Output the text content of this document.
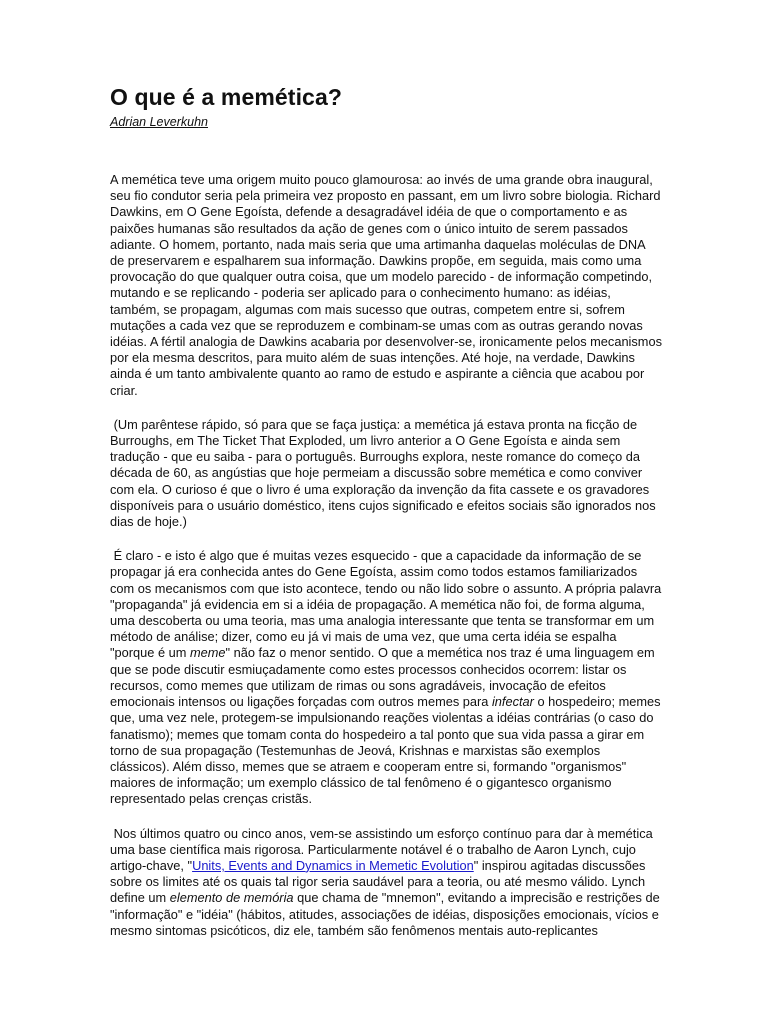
O que é a memética?
Adrian Leverkuhn

A memética teve uma origem muito pouco glamourosa: ao invés de uma grande obra inaugural, seu fio condutor seria pela primeira vez proposto en passant, em um livro sobre biologia. Richard Dawkins, em O Gene Egoísta, defende a desagradável idéia de que o comportamento e as paixões humanas são resultados da ação de genes com o único intuito de serem passados adiante. O homem, portanto, nada mais seria que uma artimanha daquelas moléculas de DNA de preservarem e espalharem sua informação. Dawkins propõe, em seguida, mais como uma provocação do que qualquer outra coisa, que um modelo parecido - de informação competindo, mutando e se replicando - poderia ser aplicado para o conhecimento humano: as idéias, também, se propagam, algumas com mais sucesso que outras, competem entre si, sofrem mutações a cada vez que se reproduzem e combinam-se umas com as outras gerando novas idéias. A fértil analogia de Dawkins acabaria por desenvolver-se, ironicamente pelos mecanismos por ela mesma descritos, para muito além de suas intenções. Até hoje, na verdade, Dawkins ainda é um tanto ambivalente quanto ao ramo de estudo e aspirante a ciência que acabou por criar.

(Um parêntese rápido, só para que se faça justiça: a memética já estava pronta na ficção de Burroughs, em The Ticket That Exploded, um livro anterior a O Gene Egoísta e ainda sem tradução - que eu saiba - para o português. Burroughs explora, neste romance do começo da década de 60, as angústias que hoje permeiam a discussão sobre memética e como conviver com ela. O curioso é que o livro é uma exploração da invenção da fita cassete e os gravadores disponíveis para o usuário doméstico, itens cujos significado e efeitos sociais são ignorados nos dias de hoje.)

É claro - e isto é algo que é muitas vezes esquecido - que a capacidade da informação de se propagar já era conhecida antes do Gene Egoísta, assim como todos estamos familiarizados com os mecanismos com que isto acontece, tendo ou não lido sobre o assunto. A própria palavra "propaganda" já evidencia em si a idéia de propagação. A memética não foi, de forma alguma, uma descoberta ou uma teoria, mas uma analogia interessante que tenta se transformar em um método de análise; dizer, como eu já vi mais de uma vez, que uma certa idéia se espalha "porque é um meme" não faz o menor sentido. O que a memética nos traz é uma linguagem em que se pode discutir esmiuçadamente como estes processos conhecidos ocorrem: listar os recursos, como memes que utilizam de rimas ou sons agradáveis, invocação de efeitos emocionais intensos ou ligações forçadas com outros memes para infectar o hospedeiro; memes que, uma vez nele, protegem-se impulsionando reações violentas a idéias contrárias (o caso do fanatismo); memes que tomam conta do hospedeiro a tal ponto que sua vida passa a girar em torno de sua propagação (Testemunhas de Jeová, Krishnas e marxistas são exemplos clássicos). Além disso, memes que se atraem e cooperam entre si, formando "organismos" maiores de informação; um exemplo clássico de tal fenômeno é o gigantesco organismo representado pelas crenças cristãs.

Nos últimos quatro ou cinco anos, vem-se assistindo um esforço contínuo para dar à memética uma base científica mais rigorosa. Particularmente notável é o trabalho de Aaron Lynch, cujo artigo-chave, "Units, Events and Dynamics in Memetic Evolution" inspirou agitadas discussões sobre os limites até os quais tal rigor seria saudável para a teoria, ou até mesmo válido. Lynch define um elemento de memória que chama de "mnemon", evitando a imprecisão e restrições de "informação" e "idéia" (hábitos, atitudes, associações de idéias, disposições emocionais, vícios e mesmo sintomas psicóticos, diz ele, também são fenômenos mentais auto-replicantes
